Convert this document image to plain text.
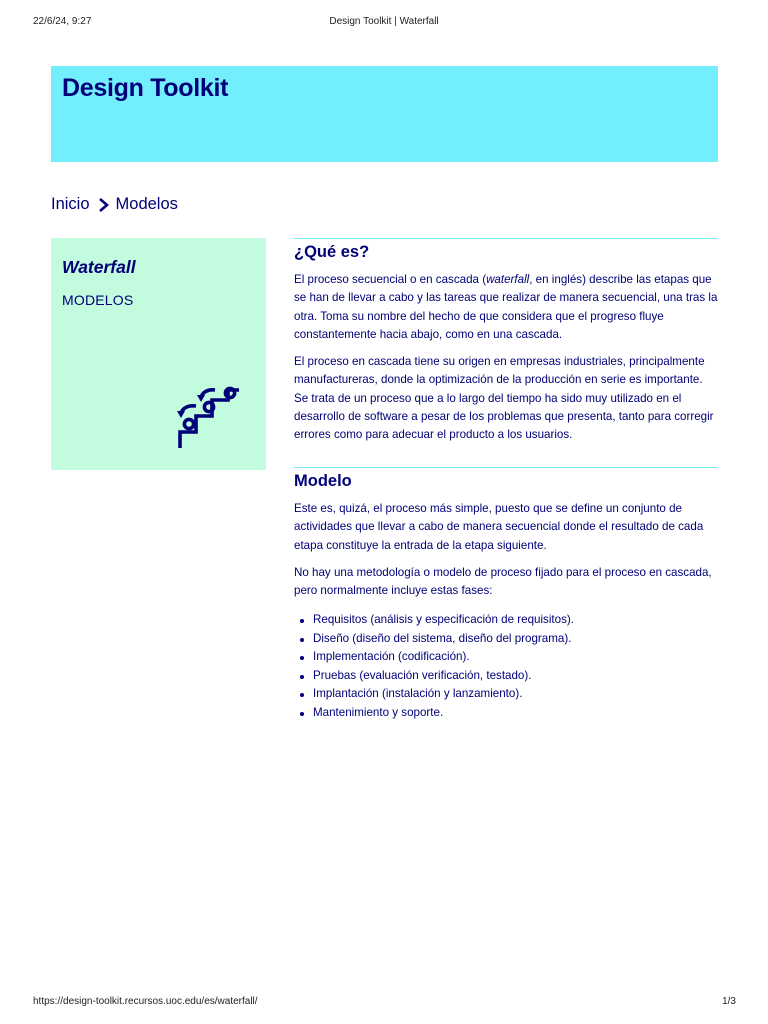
22/6/24, 9:27	Design Toolkit | Waterfall
Design Toolkit
Inicio Modelos
Waterfall
MODELOS
¿Qué es?

El proceso secuencial o en cascada (waterfall, en inglés) describe las etapas que se han de llevar a cabo y las tareas que realizar de manera secuencial, una tras la otra. Toma su nombre del hecho de que considera que el progreso fluye constantemente hacia abajo, como en una cascada.

El proceso en cascada tiene su origen en empresas industriales, principalmente manufactureras, donde la optimización de la producción en serie es importante. Se trata de un proceso que a lo largo del tiempo ha sido muy utilizado en el desarrollo de software a pesar de los problemas que presenta, tanto para corregir errores como para adecuar el producto a los usuarios.

Modelo

Este es, quizá, el proceso más simple, puesto que se define un conjunto de actividades que llevar a cabo de manera secuencial donde el resultado de cada etapa constituye la entrada de la etapa siguiente.

No hay una metodología o modelo de proceso fijado para el proceso en cascada, pero normalmente incluye estas fases:

Requisitos (análisis y especificación de requisitos).
Diseño (diseño del sistema, diseño del programa).
Implementación (codificación).
Pruebas (evaluación verificación, testado).
Implantación (instalación y lanzamiento).
Mantenimiento y soporte.
https://design-toolkit.recursos.uoc.edu/es/waterfall/	1/3
